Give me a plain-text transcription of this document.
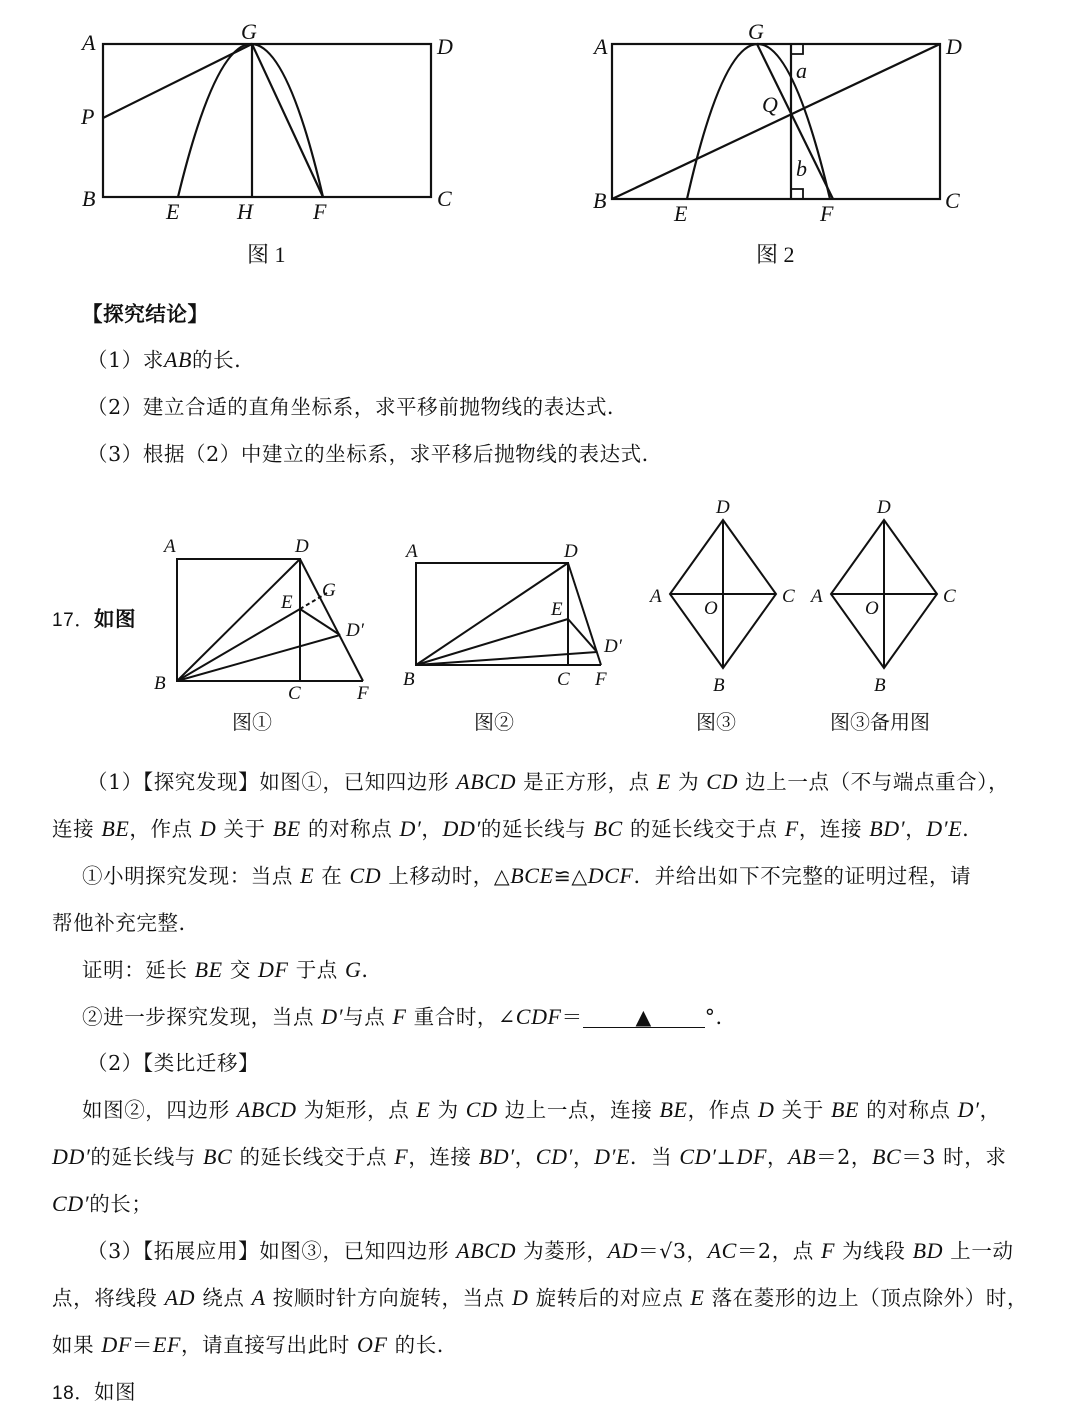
A	G
D
P
B
E	H	F
C
图 1
A
G
D
Q
a
b
B
E	F
C
图 2
【探究结论】
（1）求AB的长．
（2）建立合适的直角坐标系，求平移前抛物线的表达式．
（3）根据（2）中建立的坐标系，求平移后抛物线的表达式．
17．如图
A	D
G
E
D′
B	C	F
图①
A	D
E
D′
B	C F
图②
D
A
O
C
B
图③
D
A
O
C
B
图③备用图
（1）【探究发现】如图①，已知四边形 ABCD 是正方形，点 E 为 CD 边上一点（不与端点重合），
连接 BE，作点 D 关于 BE 的对称点 D′，DD′的延长线与 BC 的延长线交于点 F，连接 BD′，D′E．
①小明探究发现：当点 E 在 CD 上移动时，△BCE≌△DCF．并给出如下不完整的证明过程，请
帮他补充完整．
证明：延长 BE 交 DF 于点 G．
②进一步探究发现，当点 D′与点 F 重合时，∠CDF＝	▲	°．
（2）【类比迁移】
如图②，四边形 ABCD 为矩形，点 E 为 CD 边上一点，连接 BE，作点 D 关于 BE 的对称点 D′，
DD′的延长线与 BC 的延长线交于点 F，连接 BD′，CD′，D′E．当 CD′⊥DF，AB＝2，BC＝3 时，求
CD′的长；
（3）【拓展应用】如图③，已知四边形 ABCD 为菱形，AD＝√3，AC＝2，点 F 为线段 BD 上一动
点，将线段 AD 绕点 A 按顺时针方向旋转，当点 D 旋转后的对应点 E 落在菱形的边上（顶点除外）时，
如果 DF＝EF，请直接写出此时 OF 的长．
18．如图
